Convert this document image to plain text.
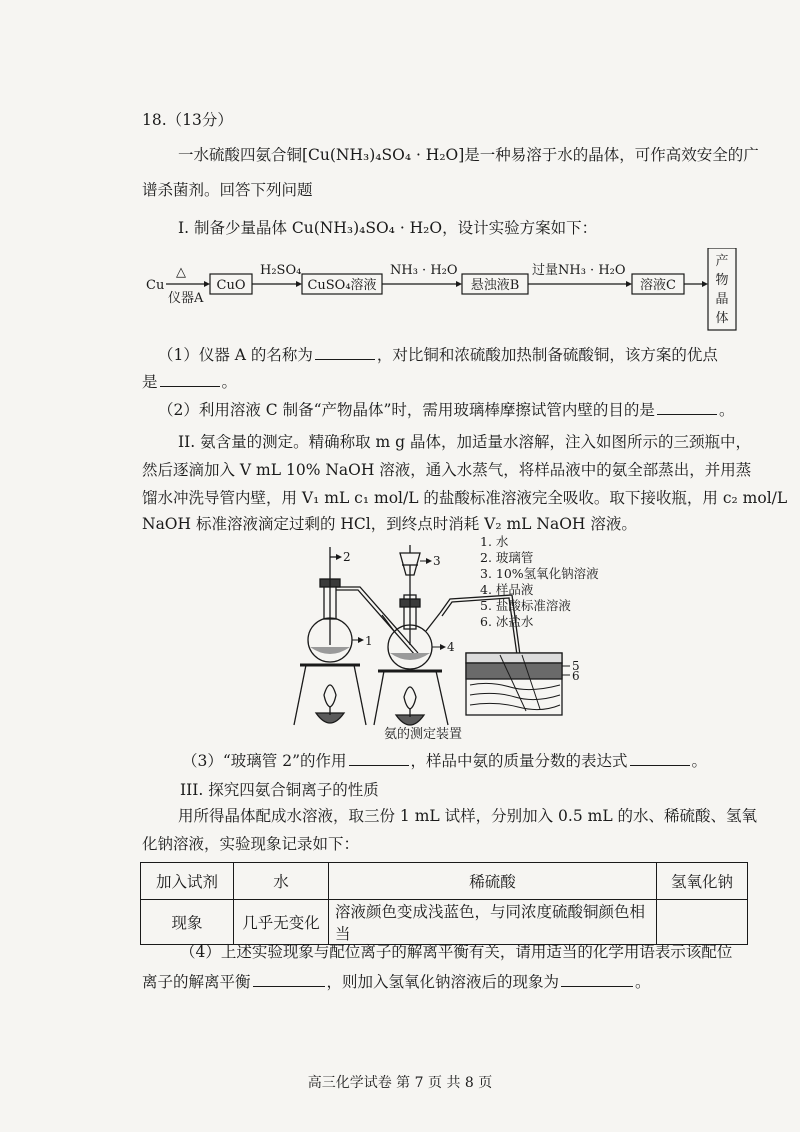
18.（13分）
一水硫酸四氨合铜[Cu(NH₃)₄SO₄ · H₂O]是一种易溶于水的晶体，可作高效安全的广
谱杀菌剂。回答下列问题
I. 制备少量晶体 Cu(NH₃)₄SO₄ · H₂O，设计实验方案如下：
Cu
△
仪器A
CuO
H₂SO₄
CuSO₄溶液
NH₃ · H₂O
悬浊液B
过量NH₃ · H₂O
溶液C
产
物
晶
体
（1）仪器 A 的名称为	，对比铜和浓硫酸加热制备硫酸铜，该方案的优点
是	。
（2）利用溶液 C 制备“产物晶体”时，需用玻璃棒摩擦试管内壁的目的是	。
II. 氨含量的测定。精确称取 m g 晶体，加适量水溶解，注入如图所示的三颈瓶中，
然后逐滴加入 V mL 10% NaOH 溶液，通入水蒸气，将样品液中的氨全部蒸出，并用蒸
馏水冲洗导管内壁，用 V₁ mL c₁ mol/L 的盐酸标准溶液完全吸收。取下接收瓶，用 c₂ mol/L
NaOH 标准溶液滴定过剩的 HCl，到终点时消耗 V₂ mL NaOH 溶液。
1
2	3
4
5
6
1. 水
2. 玻璃管
3. 10%氢氧化钠溶液
4. 样品液
5. 盐酸标准溶液
6. 冰盐水
氨的测定装置
（3）“玻璃管 2”的作用	，样品中氨的质量分数的表达式	。
III. 探究四氨合铜离子的性质
用所得晶体配成水溶液，取三份 1 mL 试样，分别加入 0.5 mL 的水、稀硫酸、氢氧
化钠溶液，实验现象记录如下：
加入试剂	水	稀硫酸	氢氧化钠
现象	几乎无变化	溶液颜色变成浅蓝色，与同浓度硫酸铜颜色相当	
（4）上述实验现象与配位离子的解离平衡有关，请用适当的化学用语表示该配位
离子的解离平衡	，则加入氢氧化钠溶液后的现象为	。
高三化学试卷 第 7 页 共 8 页
